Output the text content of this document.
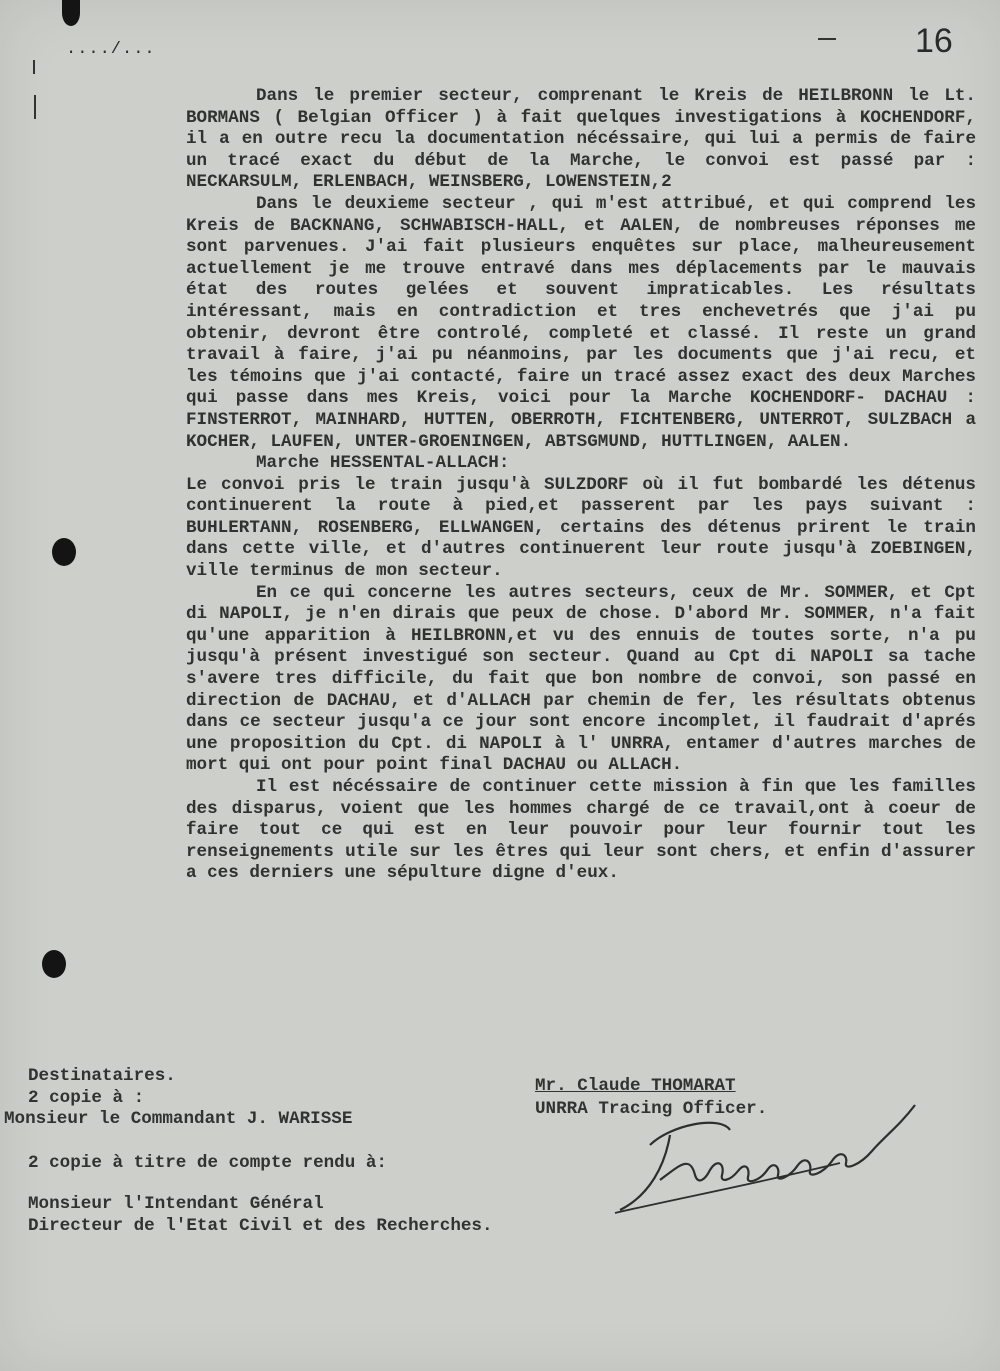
..../...	16

Dans le premier secteur, comprenant le Kreis de HEILBRONN le Lt. BORMANS ( Belgian Officer ) à fait quelques investigations à KOCHENDORF, il a en outre recu la documentation nécéssaire, qui lui a permis de faire un tracé exact du début de la Marche, le convoi est passé par : NECKARSULM, ERLENBACH, WEINSBERG, LOWENSTEIN,2

Dans le deuxieme secteur , qui m'est attribué, et qui comprend les Kreis de BACKNANG, SCHWABISCH-HALL, et AALEN, de nombreuses réponses me sont parvenues. J'ai fait plusieurs enquêtes sur place, malheureusement actuellement je me trouve entravé dans mes déplacements par le mauvais état des routes gelées et souvent impraticables. Les résultats intéressant, mais en contradiction et tres enchevetrés que j'ai pu obtenir, devront être controlé, completé et classé. Il reste un grand travail à faire, j'ai pu néanmoins, par les documents que j'ai recu, et les témoins que j'ai contacté, faire un tracé assez exact des deux Marches qui passe dans mes Kreis, voici pour la Marche KOCHENDORF- DACHAU : FINSTERROT, MAINHARD, HUTTEN, OBERROTH, FICHTENBERG, UNTERROT, SULZBACH a KOCHER, LAUFEN, UNTER-GROENINGEN, ABTSGMUND, HUTTLINGEN, AALEN.

Marche HESSENTAL-ALLACH:

Le convoi pris le train jusqu'à SULZDORF où il fut bombardé les détenus continuerent la route à pied,et passerent par les pays suivant : BUHLERTANN, ROSENBERG, ELLWANGEN, certains des détenus prirent le train dans cette ville, et d'autres continuerent leur route jusqu'à ZOEBINGEN, ville terminus de mon secteur.

En ce qui concerne les autres secteurs, ceux de Mr. SOMMER, et Cpt di NAPOLI, je n'en dirais que peux de chose. D'abord Mr. SOMMER, n'a fait qu'une apparition à HEILBRONN,et vu des ennuis de toutes sorte, n'a pu jusqu'à présent investigué son secteur. Quand au Cpt di NAPOLI sa tache s'avere tres difficile, du fait que bon nombre de convoi, son passé en direction de DACHAU, et d'ALLACH par chemin de fer, les résultats obtenus dans ce secteur jusqu'a ce jour sont encore incomplet, il faudrait d'aprés une proposition du Cpt. di NAPOLI à l' UNRRA, entamer d'autres marches de mort qui ont pour point final DACHAU ou ALLACH.

Il est nécéssaire de continuer cette mission à fin que les familles des disparus, voient que les hommes chargé de ce travail,ont à coeur de faire tout ce qui est en leur pouvoir pour leur fournir tout les renseignements utile sur les êtres qui leur sont chers, et enfin d'assurer a ces derniers une sépulture digne d'eux.

Destinataires.
2 copie à :
Monsieur le Commandant J. WARISSE
2 copie à titre de compte rendu à:
Monsieur l'Intendant Général
Directeur de l'Etat Civil et des Recherches.
Mr. Claude THOMARAT
UNRRA Tracing Officer.
